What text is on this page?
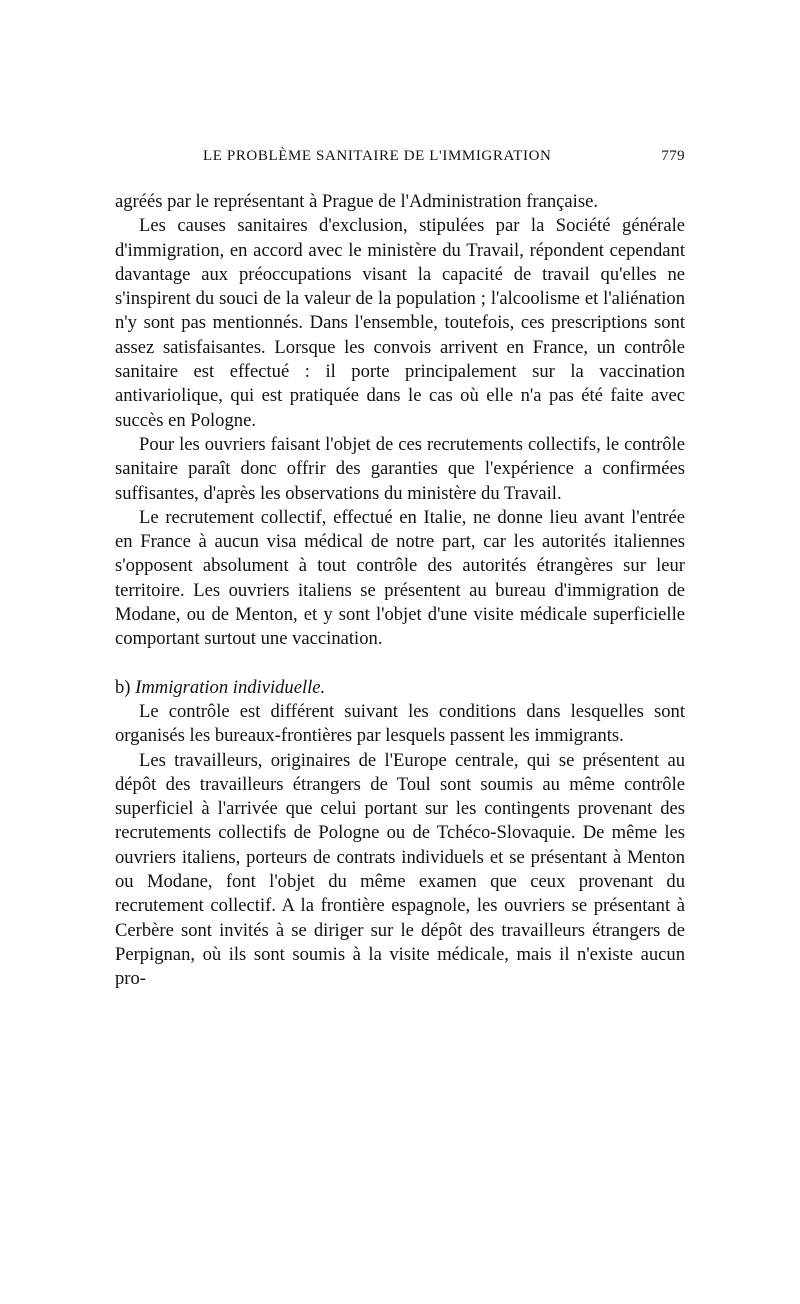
LE PROBLÈME SANITAIRE DE L'IMMIGRATION	779

agréés par le représentant à Prague de l'Administration française.

Les causes sanitaires d'exclusion, stipulées par la Société générale d'immigration, en accord avec le ministère du Travail, répondent cependant davantage aux préoccupations visant la capacité de travail qu'elles ne s'inspirent du souci de la valeur de la population ; l'alcoolisme et l'aliénation n'y sont pas mentionnés. Dans l'ensemble, toutefois, ces prescriptions sont assez satisfaisantes. Lorsque les convois arrivent en France, un contrôle sanitaire est effectué : il porte principalement sur la vaccination antivariolique, qui est pratiquée dans le cas où elle n'a pas été faite avec succès en Pologne.

Pour les ouvriers faisant l'objet de ces recrutements collectifs, le contrôle sanitaire paraît donc offrir des garanties que l'expérience a confirmées suffisantes, d'après les observations du ministère du Travail.

Le recrutement collectif, effectué en Italie, ne donne lieu avant l'entrée en France à aucun visa médical de notre part, car les autorités italiennes s'opposent absolument à tout contrôle des autorités étrangères sur leur territoire. Les ouvriers italiens se présentent au bureau d'immigration de Modane, ou de Menton, et y sont l'objet d'une visite médicale superficielle comportant surtout une vaccination.

b) Immigration individuelle.

Le contrôle est différent suivant les conditions dans lesquelles sont organisés les bureaux-frontières par lesquels passent les immigrants.

Les travailleurs, originaires de l'Europe centrale, qui se présentent au dépôt des travailleurs étrangers de Toul sont soumis au même contrôle superficiel à l'arrivée que celui portant sur les contingents provenant des recrutements collectifs de Pologne ou de Tchéco-Slovaquie. De même les ouvriers italiens, porteurs de contrats individuels et se présentant à Menton ou Modane, font l'objet du même examen que ceux provenant du recrutement collectif. A la frontière espagnole, les ouvriers se présentant à Cerbère sont invités à se diriger sur le dépôt des travailleurs étrangers de Perpignan, où ils sont soumis à la visite médicale, mais il n'existe aucun pro-
